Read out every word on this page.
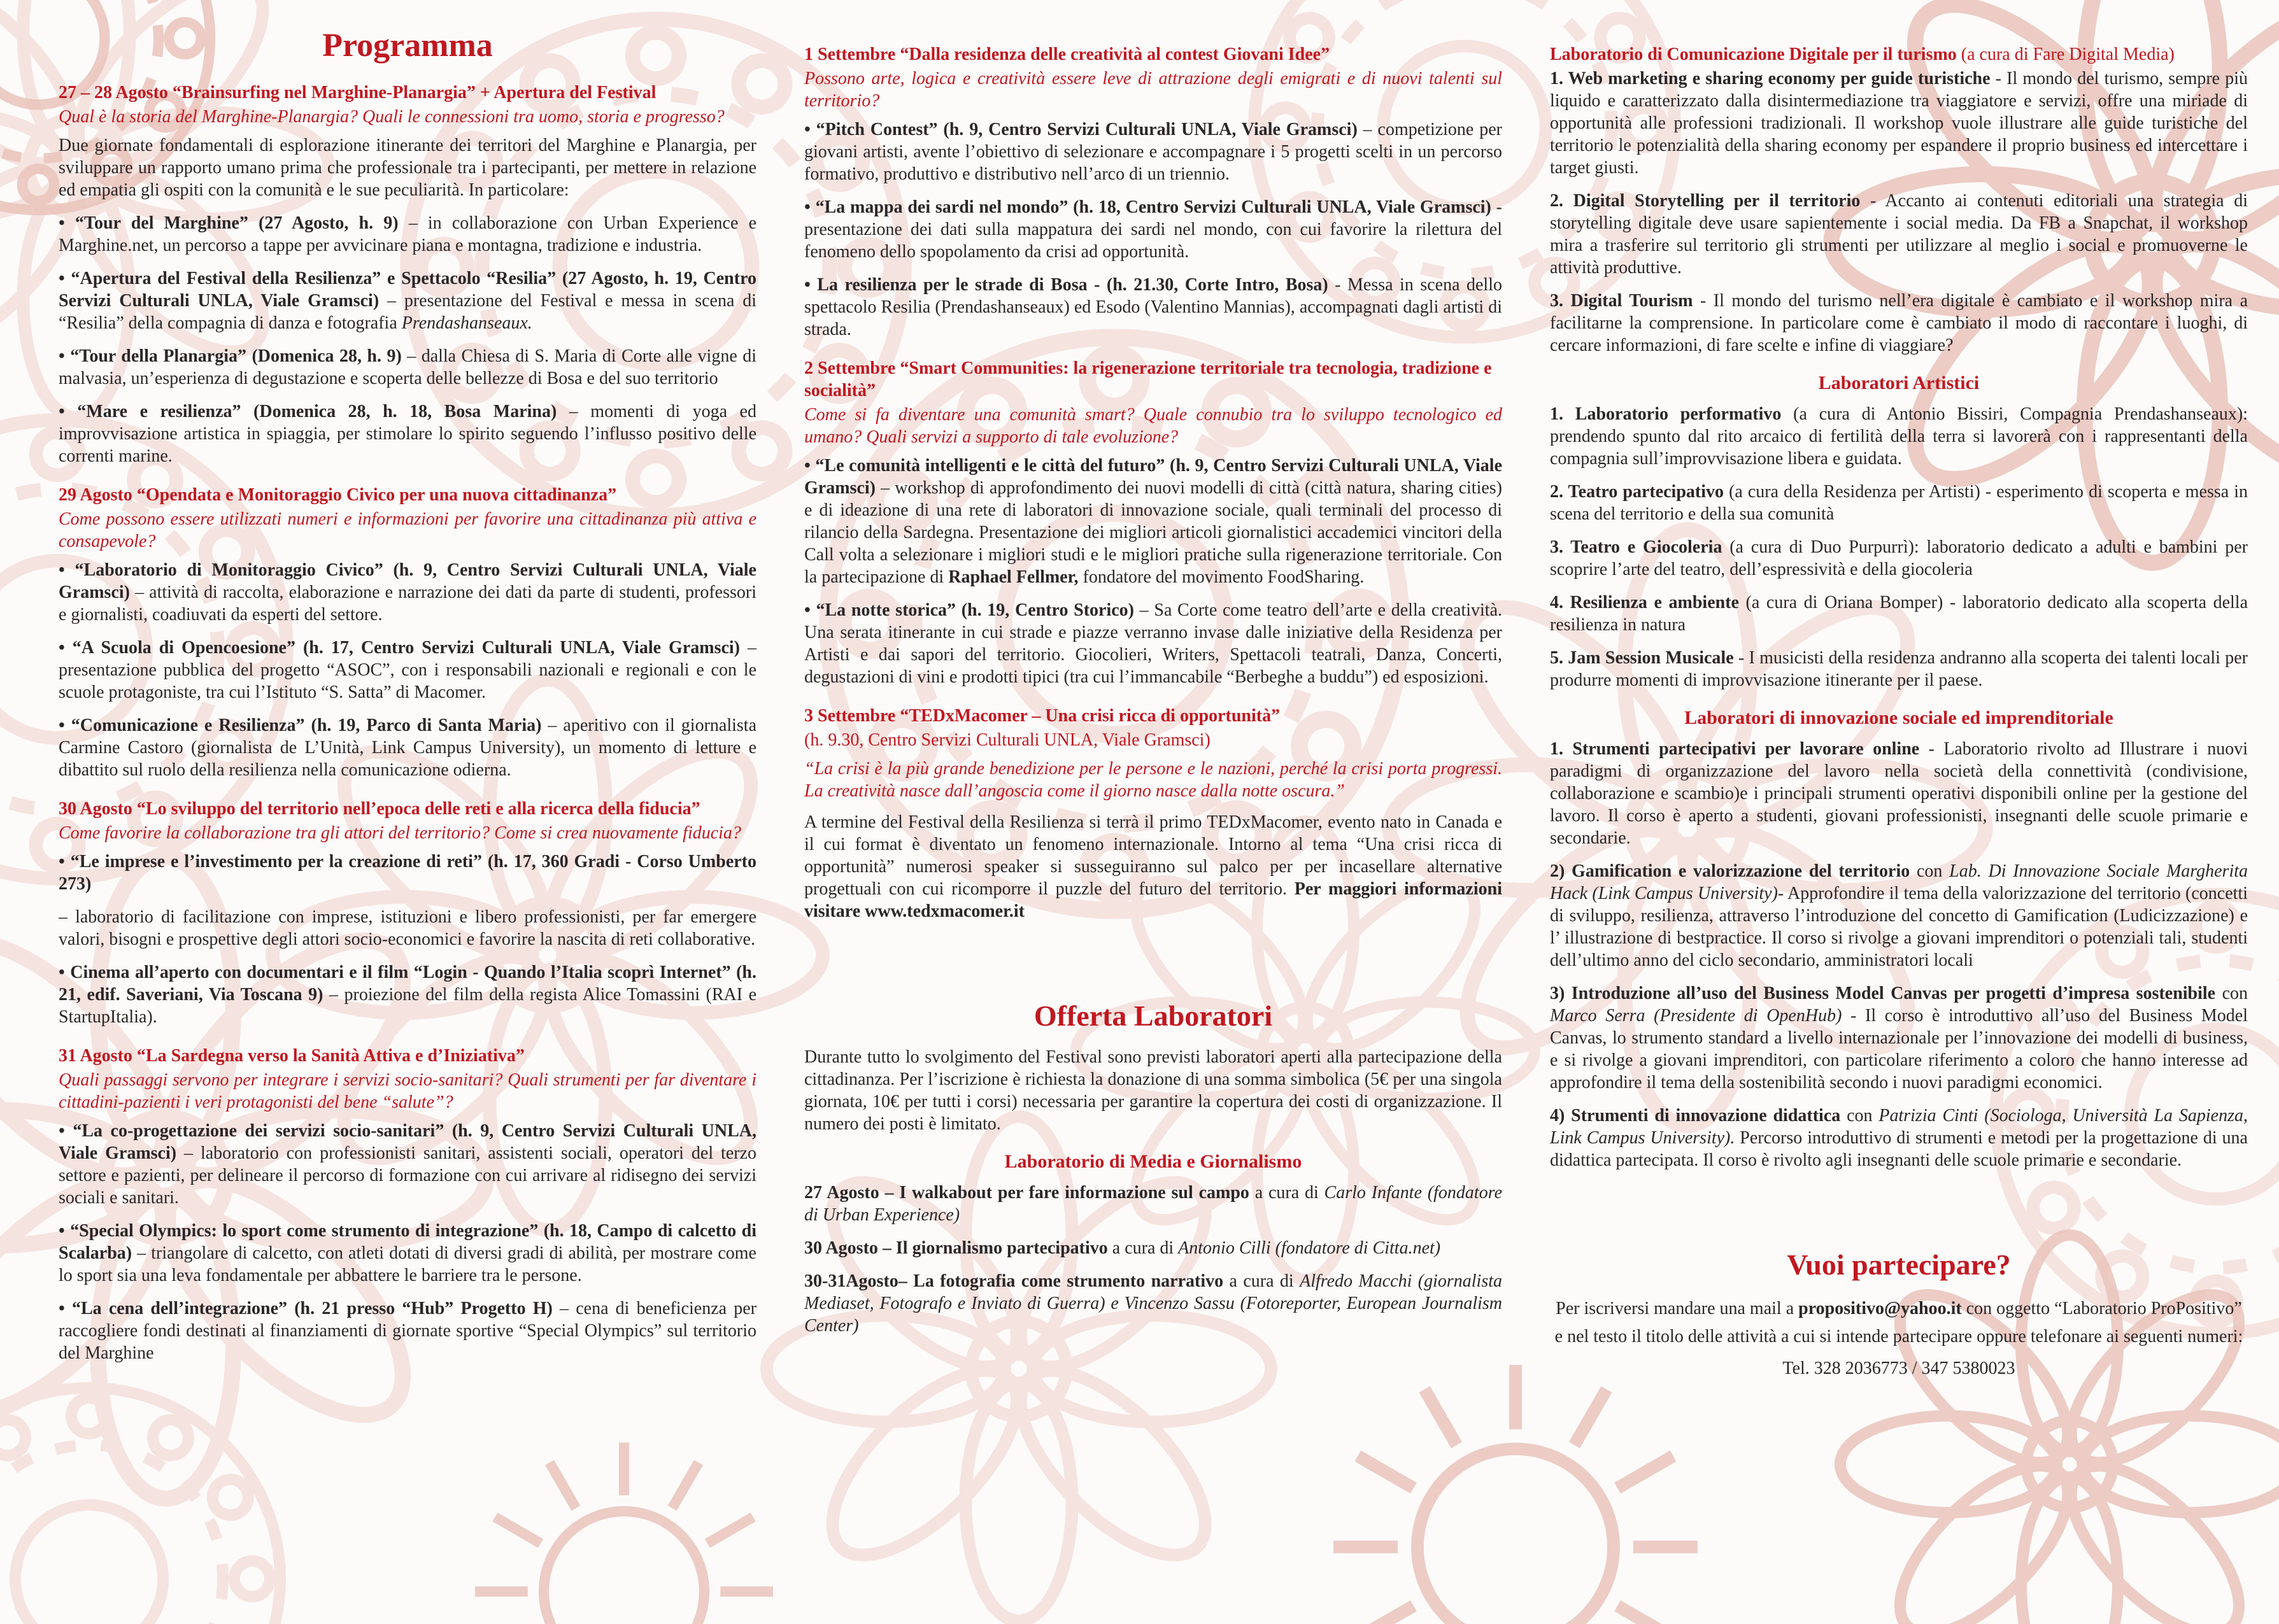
Programma
27 – 28 Agosto “Brainsurfing nel Marghine-Planargia” + Apertura del Festival

Qual è la storia del Marghine-Planargia? Quali le connessioni tra uomo, storia e progresso?

Due giornate fondamentali di esplorazione itinerante dei territori del Marghine e Planargia, per sviluppare un rapporto umano prima che professionale tra i partecipanti, per mettere in relazione ed empatia gli ospiti con la comunità e le sue peculiarità. In particolare:

• “Tour del Marghine” (27 Agosto, h. 9) – in collaborazione con Urban Experience e Marghine.net, un percorso a tappe per avvicinare piana e montagna, tradizione e industria.

• “Apertura del Festival della Resilienza” e Spettacolo “Resilia” (27 Agosto, h. 19, Centro Servizi Culturali UNLA, Viale Gramsci) – presentazione del Festival e messa in scena di “Resilia” della compagnia di danza e fotografia Prendashanseaux.

• “Tour della Planargia” (Domenica 28, h. 9) – dalla Chiesa di S. Maria di Corte alle vigne di malvasia, un’esperienza di degustazione e scoperta delle bellezze di Bosa e del suo territorio

• “Mare e resilienza” (Domenica 28, h. 18, Bosa Marina) – momenti di yoga ed improvvisazione artistica in spiaggia, per stimolare lo spirito seguendo l’influsso positivo delle correnti marine.

29 Agosto “Opendata e Monitoraggio Civico per una nuova cittadinanza”

Come possono essere utilizzati numeri e informazioni per favorire una cittadinanza più attiva e consapevole?

• “Laboratorio di Monitoraggio Civico” (h. 9, Centro Servizi Culturali UNLA, Viale Gramsci) – attività di raccolta, elaborazione e narrazione dei dati da parte di studenti, professori e giornalisti, coadiuvati da esperti del settore.

• “A Scuola di Opencoesione” (h. 17, Centro Servizi Culturali UNLA, Viale Gramsci) – presentazione pubblica del progetto “ASOC”, con i responsabili nazionali e regionali e con le scuole protagoniste, tra cui l’Istituto “S. Satta” di Macomer.

• “Comunicazione e Resilienza” (h. 19, Parco di Santa Maria) – aperitivo con il giornalista Carmine Castoro (giornalista de L’Unità, Link Campus University), un momento di letture e dibattito sul ruolo della resilienza nella comunicazione odierna.

30 Agosto “Lo sviluppo del territorio nell’epoca delle reti e alla ricerca della fiducia”

Come favorire la collaborazione tra gli attori del territorio? Come si crea nuovamente fiducia?

• “Le imprese e l’investimento per la creazione di reti” (h. 17, 360 Gradi - Corso Umberto 273)

– laboratorio di facilitazione con imprese, istituzioni e libero professionisti, per far emergere valori, bisogni e prospettive degli attori socio-economici e favorire la nascita di reti collaborative.

• Cinema all’aperto con documentari e il film “Login - Quando l’Italia scoprì Internet” (h. 21, edif. Saveriani, Via Toscana 9) – proiezione del film della regista Alice Tomassini (RAI e StartupItalia).

31 Agosto “La Sardegna verso la Sanità Attiva e d’Iniziativa”

Quali passaggi servono per integrare i servizi socio-sanitari? Quali strumenti per far diventare i cittadini-pazienti i veri protagonisti del bene “salute”?

• “La co-progettazione dei servizi socio-sanitari” (h. 9, Centro Servizi Culturali UNLA, Viale Gramsci) – laboratorio con professionisti sanitari, assistenti sociali, operatori del terzo settore e pazienti, per delineare il percorso di formazione con cui arrivare al ridisegno dei servizi sociali e sanitari.

• “Special Olympics: lo sport come strumento di integrazione” (h. 18, Campo di calcetto di Scalarba) – triangolare di calcetto, con atleti dotati di diversi gradi di abilità, per mostrare come lo sport sia una leva fondamentale per abbattere le barriere tra le persone.

• “La cena dell’integrazione” (h. 21 presso “Hub” Progetto H) – cena di beneficienza per raccogliere fondi destinati al finanziamenti di giornate sportive “Special Olympics” sul territorio del Marghine

1 Settembre “Dalla residenza delle creatività al contest Giovani Idee”

Possono arte, logica e creatività essere leve di attrazione degli emigrati e di nuovi talenti sul territorio?

• “Pitch Contest” (h. 9, Centro Servizi Culturali UNLA, Viale Gramsci) – competizione per giovani artisti, avente l’obiettivo di selezionare e accompagnare i 5 progetti scelti in un percorso formativo, produttivo e distributivo nell’arco di un triennio.

• “La mappa dei sardi nel mondo” (h. 18, Centro Servizi Culturali UNLA, Viale Gramsci) - presentazione dei dati sulla mappatura dei sardi nel mondo, con cui favorire la rilettura del fenomeno dello spopolamento da crisi ad opportunità.

• La resilienza per le strade di Bosa - (h. 21.30, Corte Intro, Bosa) - Messa in scena dello spettacolo Resilia (Prendashanseaux) ed Esodo (Valentino Mannias), accompagnati dagli artisti di strada.

2 Settembre “Smart Communities: la rigenerazione territoriale tra tecnologia, tradizione e socialità”

Come si fa diventare una comunità smart? Quale connubio tra lo sviluppo tecnologico ed umano? Quali servizi a supporto di tale evoluzione?

• “Le comunità intelligenti e le città del futuro” (h. 9, Centro Servizi Culturali UNLA, Viale Gramsci) – workshop di approfondimento dei nuovi modelli di città (città natura, sharing cities) e di ideazione di una rete di laboratori di innovazione sociale, quali terminali del processo di rilancio della Sardegna. Presentazione dei migliori articoli giornalistici accademici vincitori della Call volta a selezionare i migliori studi e le migliori pratiche sulla rigenerazione territoriale. Con la partecipazione di Raphael Fellmer, fondatore del movimento FoodSharing.

• “La notte storica” (h. 19, Centro Storico) – Sa Corte come teatro dell’arte e della creatività. Una serata itinerante in cui strade e piazze verranno invase dalle iniziative della Residenza per Artisti e dai sapori del territorio. Giocolieri, Writers, Spettacoli teatrali, Danza, Concerti, degustazioni di vini e prodotti tipici (tra cui l’immancabile “Berbeghe a buddu”) ed esposizioni.

3 Settembre “TEDxMacomer – Una crisi ricca di opportunità”

(h. 9.30, Centro Servizi Culturali UNLA, Viale Gramsci)

“La crisi è la più grande benedizione per le persone e le nazioni, perché la crisi porta progressi. La creatività nasce dall’angoscia come il giorno nasce dalla notte oscura.”

A termine del Festival della Resilienza si terrà il primo TEDxMacomer, evento nato in Canada e il cui format è diventato un fenomeno internazionale. Intorno al tema “Una crisi ricca di opportunità” numerosi speaker si susseguiranno sul palco per per incasellare alternative progettuali con cui ricomporre il puzzle del futuro del territorio. Per maggiori informazioni visitare www.tedxmacomer.it

Offerta Laboratori

Durante tutto lo svolgimento del Festival sono previsti laboratori aperti alla partecipazione della cittadinanza. Per l’iscrizione è richiesta la donazione di una somma simbolica (5€ per una singola giornata, 10€ per tutti i corsi) necessaria per garantire la copertura dei costi di organizzazione. Il numero dei posti è limitato.

Laboratorio di Media e Giornalismo

27 Agosto – I walkabout per fare informazione sul campo a cura di Carlo Infante (fondatore di Urban Experience)

30 Agosto – Il giornalismo partecipativo a cura di Antonio Cilli (fondatore di Citta.net)

30-31Agosto– La fotografia come strumento narrativo a cura di Alfredo Macchi (giornalista Mediaset, Fotografo e Inviato di Guerra) e Vincenzo Sassu (Fotoreporter, European Journalism Center)

Laboratorio di Comunicazione Digitale per il turismo (a cura di Fare Digital Media)

1. Web marketing e sharing economy per guide turistiche - Il mondo del turismo, sempre più liquido e caratterizzato dalla disintermediazione tra viaggiatore e servizi, offre una miriade di opportunità alle professioni tradizionali. Il workshop vuole illustrare alle guide turistiche del territorio le potenzialità della sharing economy per espandere il proprio business ed intercettare i target giusti.

2. Digital Storytelling per il territorio - Accanto ai contenuti editoriali una strategia di storytelling digitale deve usare sapientemente i social media. Da FB a Snapchat, il workshop mira a trasferire sul territorio gli strumenti per utilizzare al meglio i social e promuoverne le attività produttive.

3. Digital Tourism - Il mondo del turismo nell’era digitale è cambiato e il workshop mira a facilitarne la comprensione. In particolare come è cambiato il modo di raccontare i luoghi, di cercare informazioni, di fare scelte e infine di viaggiare?

Laboratori Artistici

1. Laboratorio performativo (a cura di Antonio Bissiri, Compagnia Prendashanseaux): prendendo spunto dal rito arcaico di fertilità della terra si lavorerà con i rappresentanti della compagnia sull’improvvisazione libera e guidata.

2. Teatro partecipativo (a cura della Residenza per Artisti) - esperimento di scoperta e messa in scena del territorio e della sua comunità

3. Teatro e Giocoleria (a cura di Duo Purpurrì): laboratorio dedicato a adulti e bambini per scoprire l’arte del teatro, dell’espressività e della giocoleria

4. Resilienza e ambiente (a cura di Oriana Bomper) - laboratorio dedicato alla scoperta della resilienza in natura

5. Jam Session Musicale - I musicisti della residenza andranno alla scoperta dei talenti locali per produrre momenti di improvvisazione itinerante per il paese.

Laboratori di innovazione sociale ed imprenditoriale

1. Strumenti partecipativi per lavorare online - Laboratorio rivolto ad Illustrare i nuovi paradigmi di organizzazione del lavoro nella società della connettività (condivisione, collaborazione e scambio)e i principali strumenti operativi disponibili online per la gestione del lavoro. Il corso è aperto a studenti, giovani professionisti, insegnanti delle scuole primarie e secondarie.

2) Gamification e valorizzazione del territorio con Lab. Di Innovazione Sociale Margherita Hack (Link Campus University)- Approfondire il tema della valorizzazione del territorio (concetti di sviluppo, resilienza, attraverso l’introduzione del concetto di Gamification (Ludicizzazione) e l’ illustrazione di bestpractice. Il corso si rivolge a giovani imprenditori o potenziali tali, studenti dell’ultimo anno del ciclo secondario, amministratori locali

3) Introduzione all’uso del Business Model Canvas per progetti d’impresa sostenibile con Marco Serra (Presidente di OpenHub) - Il corso è introduttivo all’uso del Business Model Canvas, lo strumento standard a livello internazionale per l’innovazione dei modelli di business, e si rivolge a giovani imprenditori, con particolare riferimento a coloro che hanno interesse ad approfondire il tema della sostenibilità secondo i nuovi paradigmi economici.

4) Strumenti di innovazione didattica con Patrizia Cinti (Sociologa, Università La Sapienza, Link Campus University). Percorso introduttivo di strumenti e metodi per la progettazione di una didattica partecipata. Il corso è rivolto agli insegnanti delle scuole primarie e secondarie.

Vuoi partecipare?

Per iscriversi mandare una mail a propositivo@yahoo.it con oggetto “Laboratorio ProPositivo” e nel testo il titolo delle attività a cui si intende partecipare oppure telefonare ai seguenti numeri:

Tel. 328 2036773 / 347 5380023
